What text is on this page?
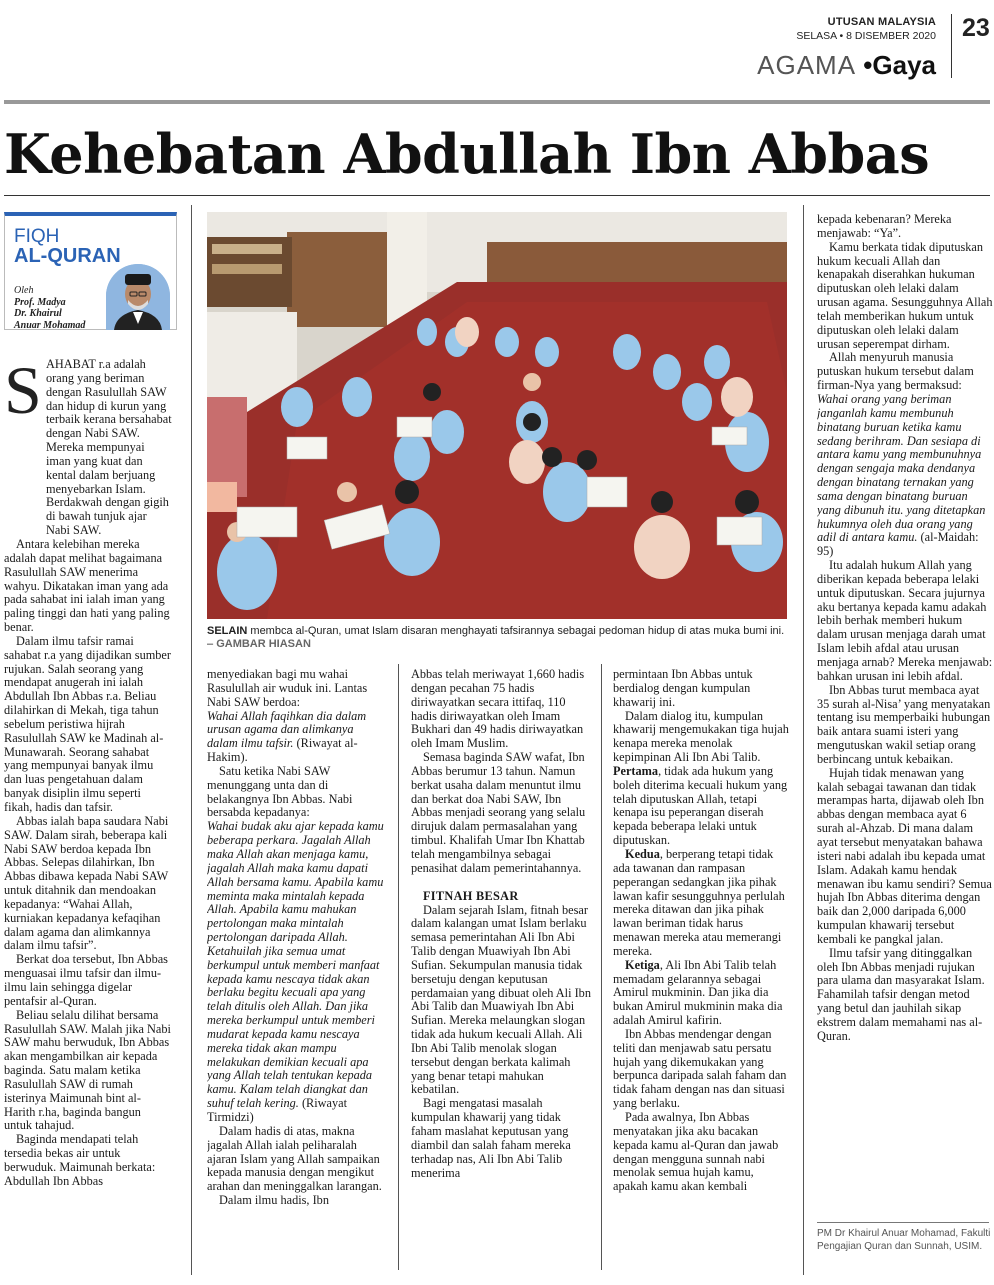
UTUSAN MALAYSIA
SELASA • 8 DISEMBER 2020 23
AGAMA •Gaya
Kehebatan Abdullah Ibn Abbas
FIQH
AL-QURAN
Oleh
Prof. Madya
Dr. Khairul
Anuar Mohamad
SELAIN membca al-Quran, umat Islam disaran menghayati tafsirannya sebagai pedoman hidup di atas muka bumi ini. – GAMBAR HIASAN
S AHABAT r.a adalah orang yang beriman dengan Rasulullah SAW dan hidup di kurun yang terbaik kerana bersahabat dengan Nabi SAW. Mereka mempunyai iman yang kuat dan kental dalam berjuang menyebarkan Islam. Berdakwah dengan gigih di bawah tunjuk ajar Nabi SAW.

Antara kelebihan mereka adalah dapat melihat bagaimana Rasulullah SAW menerima wahyu. Dikatakan iman yang ada pada sahabat ini ialah iman yang paling tinggi dan hati yang paling benar.

Dalam ilmu tafsir ramai sahabat r.a yang dijadikan sumber rujukan. Salah seorang yang mendapat anugerah ini ialah Abdullah Ibn Abbas r.a. Beliau dilahirkan di Mekah, tiga tahun sebelum peristiwa hijrah Rasulullah SAW ke Madinah al-Munawarah. Seorang sahabat yang mempunyai banyak ilmu dan luas pengetahuan dalam banyak disiplin ilmu seperti fikah, hadis dan tafsir.

Abbas ialah bapa saudara Nabi SAW. Dalam sirah, beberapa kali Nabi SAW berdoa kepada Ibn Abbas. Selepas dilahirkan, Ibn Abbas dibawa kepada Nabi SAW untuk ditahnik dan mendoakan kepadanya: “Wahai Allah, kurniakan kepadanya kefaqihan dalam agama dan alimkannya dalam ilmu tafsir”.

Berkat doa tersebut, Ibn Abbas menguasai ilmu tafsir dan ilmu-ilmu lain sehingga digelar pentafsir al-Quran.

Beliau selalu dilihat bersama Rasulullah SAW. Malah jika Nabi SAW mahu berwuduk, Ibn Abbas akan mengambilkan air kepada baginda. Satu malam ketika Rasulullah SAW di rumah isterinya Maimunah bint al-Harith r.ha, baginda bangun untuk tahajud.

Baginda mendapati telah tersedia bekas air untuk berwuduk. Maimunah berkata: Abdullah Ibn Abbas

menyediakan bagi mu wahai Rasulullah air wuduk ini. Lantas Nabi SAW berdoa:

Wahai Allah faqihkan dia dalam urusan agama dan alimkanya dalam ilmu tafsir. (Riwayat al-Hakim).

Satu ketika Nabi SAW menunggang unta dan di belakangnya Ibn Abbas. Nabi bersabda kepadanya:

Wahai budak aku ajar kepada kamu beberapa perkara. Jagalah Allah maka Allah akan menjaga kamu, jagalah Allah maka kamu dapati Allah bersama kamu. Apabila kamu meminta maka mintalah kepada Allah. Apabila kamu mahukan pertolongan maka mintalah pertolongan daripada Allah. Ketahuilah jika semua umat berkumpul untuk memberi manfaat kepada kamu nescaya tidak akan berlaku begitu kecuali apa yang telah ditulis oleh Allah. Dan jika mereka berkumpul untuk memberi mudarat kepada kamu nescaya mereka tidak akan mampu melakukan demikian kecuali apa yang Allah telah tentukan kepada kamu. Kalam telah diangkat dan suhuf telah kering. (Riwayat Tirmidzi)

Dalam hadis di atas, makna jagalah Allah ialah peliharalah ajaran Islam yang Allah sampaikan kepada manusia dengan mengikut arahan dan meninggalkan larangan.

Dalam ilmu hadis, Ibn

Abbas telah meriwayat 1,660 hadis dengan pecahan 75 hadis diriwayatkan secara ittifaq, 110 hadis diriwayatkan oleh Imam Bukhari dan 49 hadis diriwayatkan oleh Imam Muslim.

Semasa baginda SAW wafat, Ibn Abbas berumur 13 tahun. Namun berkat usaha dalam menuntut ilmu dan berkat doa Nabi SAW, Ibn Abbas menjadi seorang yang selalu dirujuk dalam permasalahan yang timbul. Khalifah Umar Ibn Khattab telah mengambilnya sebagai penasihat dalam pemerintahannya.

FITNAH BESAR

Dalam sejarah Islam, fitnah besar dalam kalangan umat Islam berlaku semasa pemerintahan Ali Ibn Abi Talib dengan Muawiyah Ibn Abi Sufian. Sekumpulan manusia tidak bersetuju dengan keputusan perdamaian yang dibuat oleh Ali Ibn Abi Talib dan Muawiyah Ibn Abi Sufian. Mereka melaungkan slogan tidak ada hukum kecuali Allah. Ali Ibn Abi Talib menolak slogan tersebut dengan berkata kalimah yang benar tetapi mahukan kebatilan.

Bagi mengatasi masalah kumpulan khawarij yang tidak faham maslahat keputusan yang diambil dan salah faham mereka terhadap nas, Ali Ibn Abi Talib menerima

permintaan Ibn Abbas untuk berdialog dengan kumpulan khawarij ini.

Dalam dialog itu, kumpulan khawarij mengemukakan tiga hujah kenapa mereka menolak kepimpinan Ali Ibn Abi Talib. Pertama, tidak ada hukum yang boleh diterima kecuali hukum yang telah diputuskan Allah, tetapi kenapa isu peperangan diserah kepada beberapa lelaki untuk diputuskan.

Kedua, berperang tetapi tidak ada tawanan dan rampasan peperangan sedangkan jika pihak lawan kafir sesungguhnya perlulah mereka ditawan dan jika pihak lawan beriman tidak harus menawan mereka atau memerangi mereka.

Ketiga, Ali Ibn Abi Talib telah memadam gelarannya sebagai Amirul mukminin. Dan jika dia bukan Amirul mukminin maka dia adalah Amirul kafirin.

Ibn Abbas mendengar dengan teliti dan menjawab satu persatu hujah yang dikemukakan yang berpunca daripada salah faham dan tidak faham dengan nas dan situasi yang berlaku.

Pada awalnya, Ibn Abbas menyatakan jika aku bacakan kepada kamu al-Quran dan jawab dengan mengguna sunnah nabi menolak semua hujah kamu, apakah kamu akan kembali

kepada kebenaran? Mereka menjawab: “Ya”.

Kamu berkata tidak diputuskan hukum kecuali Allah dan kenapakah diserahkan hukuman diputuskan oleh lelaki dalam urusan agama. Sesungguhnya Allah telah memberikan hukum untuk diputuskan oleh lelaki dalam urusan seperempat dirham.

Allah menyuruh manusia putuskan hukum tersebut dalam firman-Nya yang bermaksud: Wahai orang yang beriman janganlah kamu membunuh binatang buruan ketika kamu sedang berihram. Dan sesiapa di antara kamu yang membunuhnya dengan sengaja maka dendanya dengan binatang ternakan yang sama dengan binatang buruan yang dibunuh itu. yang ditetapkan hukumnya oleh dua orang yang adil di antara kamu. (al-Maidah: 95)

Itu adalah hukum Allah yang diberikan kepada beberapa lelaki untuk diputuskan. Secara jujurnya aku bertanya kepada kamu adakah lebih berhak memberi hukum dalam urusan menjaga darah umat Islam lebih afdal atau urusan menjaga arnab? Mereka menjawab: bahkan urusan ini lebih afdal.

Ibn Abbas turut membaca ayat 35 surah al-Nisa’ yang menyatakan tentang isu memperbaiki hubungan baik antara suami isteri yang mengutuskan wakil setiap orang berbincang untuk kebaikan.

Hujah tidak menawan yang kalah sebagai tawanan dan tidak merampas harta, dijawab oleh Ibn abbas dengan membaca ayat 6 surah al-Ahzab. Di mana dalam ayat tersebut menyatakan bahawa isteri nabi adalah ibu kepada umat Islam. Adakah kamu hendak menawan ibu kamu sendiri? Semua hujah Ibn Abbas diterima dengan baik dan 2,000 daripada 6,000 kumpulan khawarij tersebut kembali ke pangkal jalan.

Ilmu tafsir yang ditinggalkan oleh Ibn Abbas menjadi rujukan para ulama dan masyarakat Islam. Fahamilah tafsir dengan metod yang betul dan jauhilah sikap ekstrem dalam memahami nas al-Quran.

PM Dr Khairul Anuar Mohamad, Fakulti Pengajian Quran dan Sunnah, USIM.
